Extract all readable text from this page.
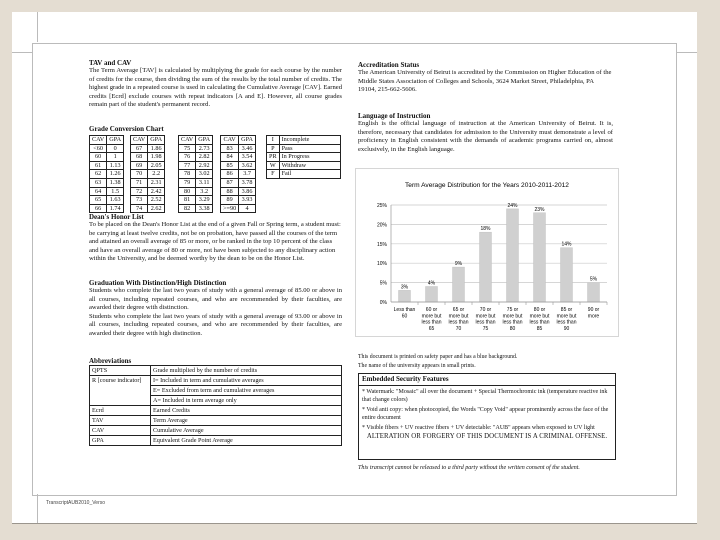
TranscriptAUB2010_Verso
TAV and CAV

The Term Average [TAV] is calculated by multiplying the grade for each course by the number of credits for the course, then dividing the sum of the results by the total number of credits. The highest grade in a repeated course is used in calculating the Cumulative Average [CAV]. Earned credits [Ecrd] exclude courses with repeat indicators [A and E]. However, all course grades remain part of the student's permanent record.

Grade Conversion Chart
CAV	GPA
<60	0
60	1
61	1.13
62	1.26
63	1.38
64	1.5
65	1.63
66	1.74
CAV	GPA
67	1.86
68	1.98
69	2.05
70	2.2
71	2.31
72	2.42
73	2.52
74	2.62
CAV	GPA
75	2.73
76	2.82
77	2.92
78	3.02
79	3.11
80	3.2
81	3.29
82	3.38
CAV	GPA
83	3.46
84	3.54
85	3.62
86	3.7
87	3.78
88	3.86
89	3.93
>=90	4
I	Incomplete
P	Pass
PR	In Progress
W	Withdraw
F	Fail
Dean's Honor List

To be placed on the Dean's Honor List at the end of a given Fall or Spring term, a student must: be carrying at least twelve credits, not be on probation, have passed all the courses of the term and attained an overall average of 85 or more, or be ranked in the top 10 percent of the class and have an overall average of 80 or more, not have been subjected to any disciplinary action within the University, and be deemed worthy by the dean to be on the Honor List.

Graduation With Distinction/High Distinction

Students who complete the last two years of study with a general average of 85.00 or above in all courses, including repeated courses, and who are recommended by their faculties, are awarded their degree with distinction.

Students who complete the last two years of study with a general average of 93.00 or above in all courses, including repeated courses, and who are recommended by their faculties, are awarded their degree with high distinction.

Abbreviations
QPTS	Grade multiplied by the number of credits
R [course indicator]	I= Included in term and cumulative averages
	E= Excluded from term and cumulative averages
	A= Included in term average only
Ecrd	Earned Credits
TAV	Term Average
CAV	Cumulative Average
GPA	Equivalent Grade Point Average
Accreditation Status

The American University of Beirut is accredited by the Commission on Higher Education of the Middle States Association of Colleges and Schools, 3624 Market Street, Philadelphia, PA 19104, 215-662-5606.

Language of Instruction

English is the official language of instruction at the American University of Beirut. It is, therefore, necessary that candidates for admission to the University must demonstrate a level of proficiency in English consistent with the demands of academic programs carried on, almost exclusively, in the English language.

Term Average Distribution for the Years 2010-2011-2012
0%
5%
10%
15%
20%
25%
3%
Less than 60
4%
60 or more but less than 65
9%
65 or more but less than 70
18%
70 or more but less than 75
24%
75 or more but less than 80
23%
80 or more but less than 85
14%
85 or more but less than 90
5%
90 or more

This document is printed on safety paper and has a blue background.

The name of the university appears in small prints.

Embedded Security Features

* Watermark: "Mosaic" all over the document + Special Thermochromic ink (temperature reactive ink that change colors)

* Void anti copy: when photocopied, the Words "Copy Void" appear prominently across the face of the entire document

* Visible fibers + UV reactive fibers + UV detectable: "AUB" appears when exposed to UV light

ALTERATION OR FORGERY OF THIS DOCUMENT IS A CRIMINAL OFFENSE.

This transcript cannot be released to a third party without the written consent of the student.
